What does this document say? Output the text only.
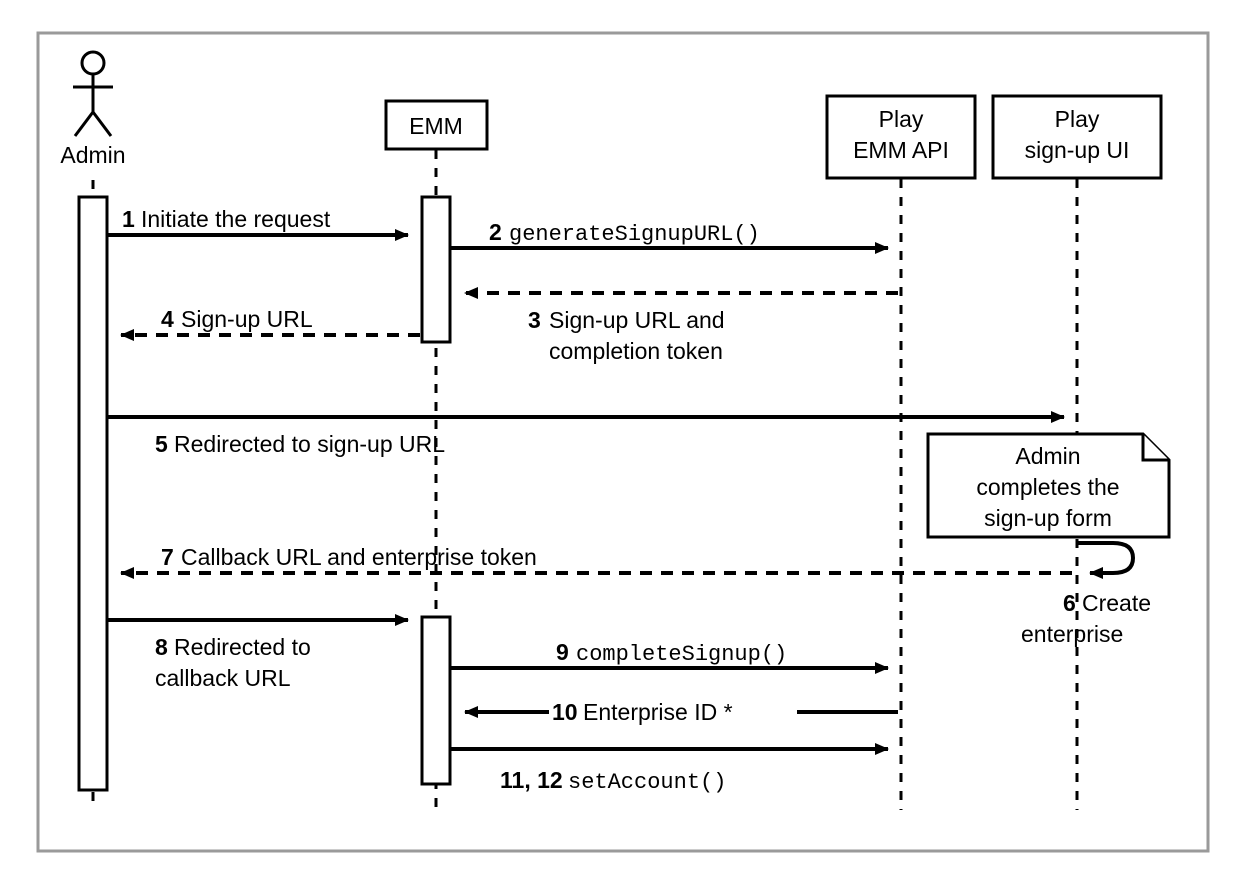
Admin
EMM	Play
EMM API
Play
sign-up UI
1 Initiate the request	2 generateSignupURL()
3 Sign-up URL and
completion token
4 Sign-up URL
5 Redirected to sign-up URL	Admin
completes the
sign-up form
6 Create
enterprise
7 Callback URL and enterprise token
8 Redirected to
callback URL
9 completeSignup()
10 Enterprise ID *
11, 12 setAccount()
